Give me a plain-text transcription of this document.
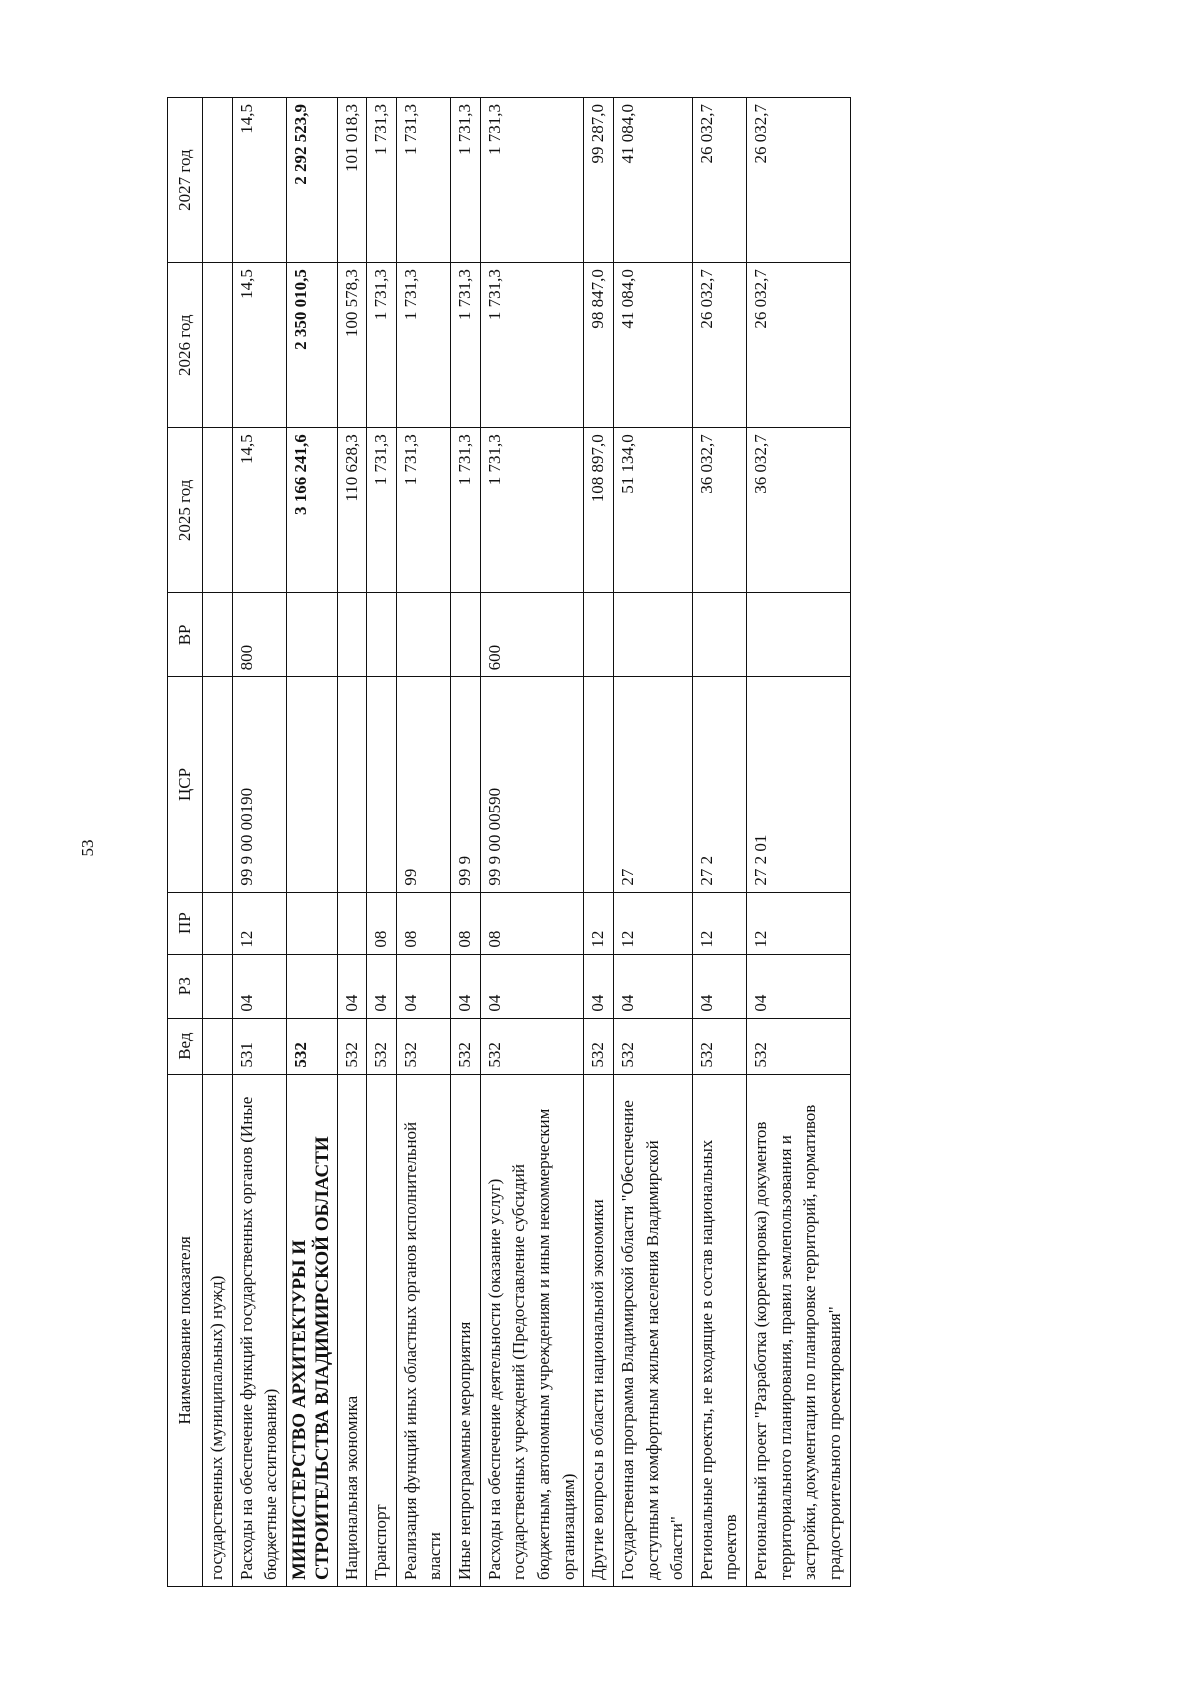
53
Наименование показателя	Вед	РЗ	ПР	ЦСР	ВР	2025 год	2026 год	2027 год
государственных (муниципальных) нужд)								
Расходы на обеспечение функций государственных органов (Иные бюджетные ассигнования)	531	04	12	99 9 00 00190	800	14,5	14,5	14,5
МИНИСТЕРСТВО АРХИТЕКТУРЫ И СТРОИТЕЛЬСТВА ВЛАДИМИРСКОЙ ОБЛАСТИ	532					3 166 241,6	2 350 010,5	2 292 523,9
Национальная экономика	532	04				110 628,3	100 578,3	101 018,3
Транспорт	532	04	08			1 731,3	1 731,3	1 731,3
Реализация функций иных областных органов исполнительной власти	532	04	08	99		1 731,3	1 731,3	1 731,3
Иные непрограммные мероприятия	532	04	08	99 9		1 731,3	1 731,3	1 731,3
Расходы на обеспечение деятельности (оказание услуг) государственных учреждений (Предоставление субсидий бюджетным, автономным учреждениям и иным некоммерческим организациям)	532	04	08	99 9 00 00590	600	1 731,3	1 731,3	1 731,3
Другие вопросы в области национальной экономики	532	04	12			108 897,0	98 847,0	99 287,0
Государственная программа Владимирской области "Обеспечение доступным и комфортным жильем населения Владимирской области"	532	04	12	27		51 134,0	41 084,0	41 084,0
Региональные проекты, не входящие в состав национальных проектов	532	04	12	27 2		36 032,7	26 032,7	26 032,7
Региональный проект "Разработка (корректировка) документов территориального планирования, правил землепользования и застройки, документации по планировке территорий, нормативов градостроительного проектирования"	532	04	12	27 2 01		36 032,7	26 032,7	26 032,7
